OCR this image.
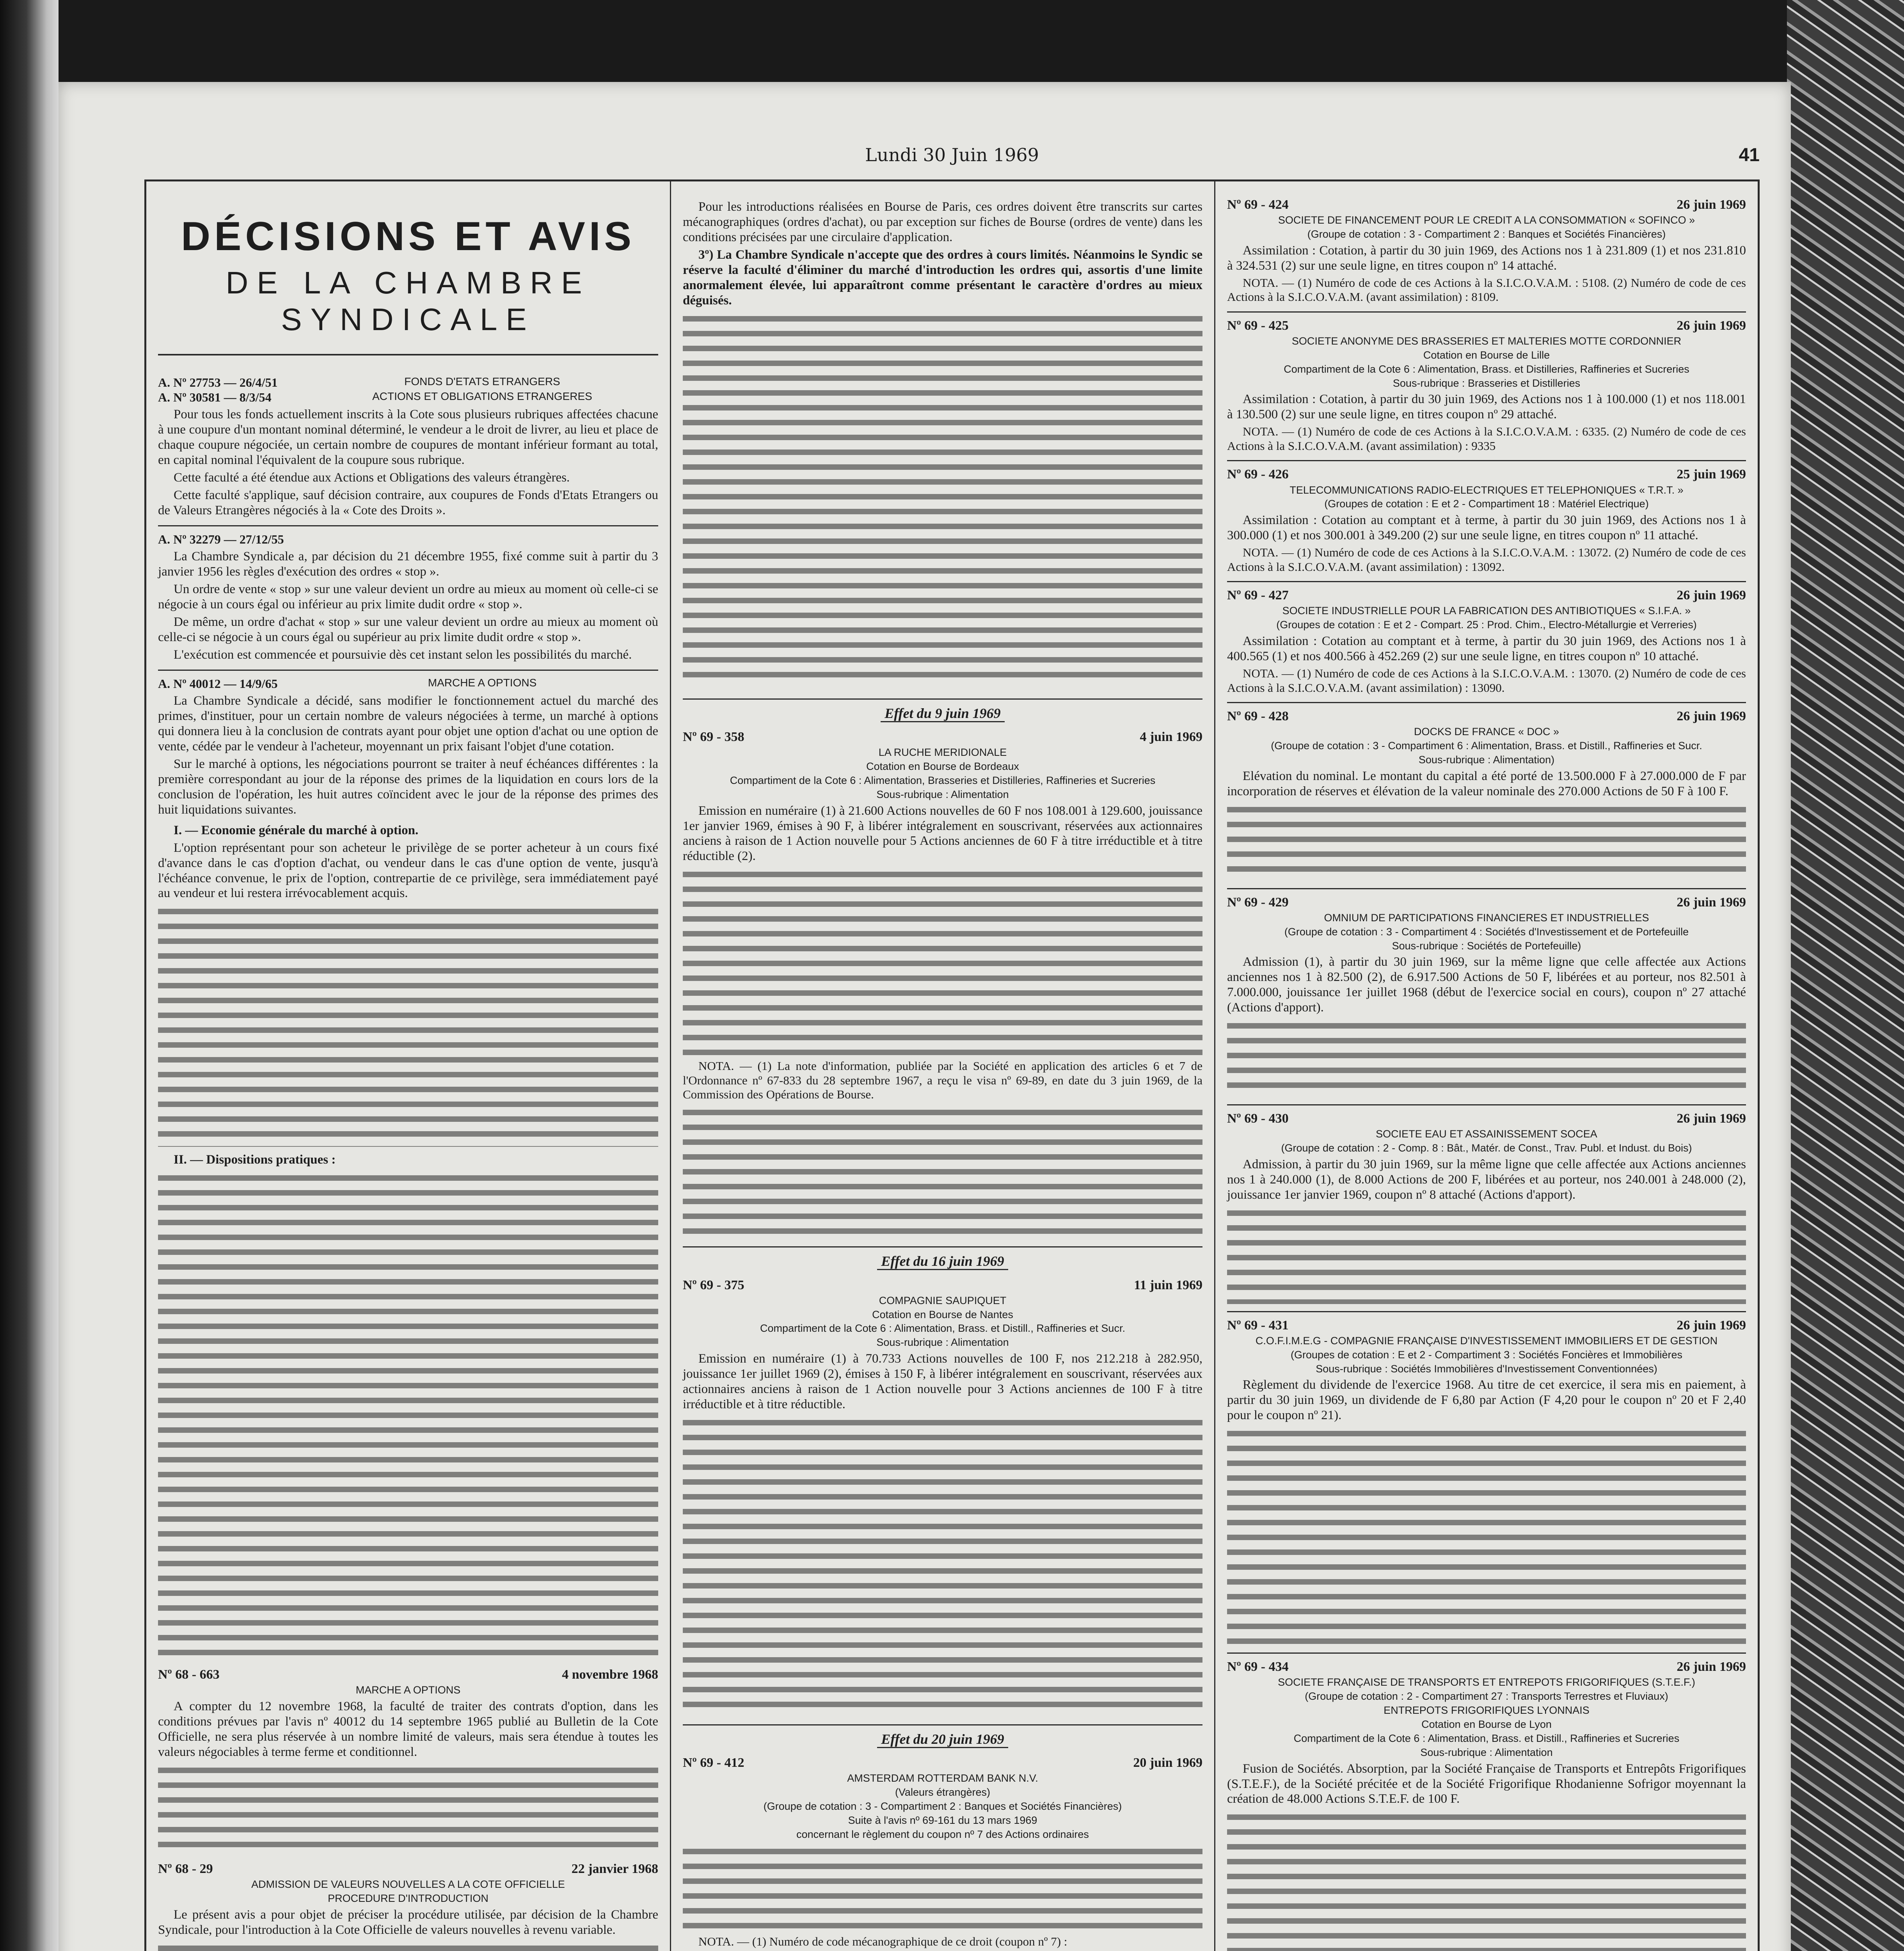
Lundi 30 Juin 1969	41
DÉCISIONS ET AVIS
DE LA CHAMBRE SYNDICALE
A. Nº 27753 — 26/4/51	FONDS D'ETATS ETRANGERS
A. Nº 30581 — 8/3/54	ACTIONS ET OBLIGATIONS ETRANGERES

Pour tous les fonds actuellement inscrits à la Cote sous plusieurs rubriques affectées chacune à une coupure d'un montant nominal déterminé, le vendeur a le droit de livrer, au lieu et place de chaque coupure négociée, un certain nombre de coupures de montant inférieur formant au total, en capital nominal l'équivalent de la coupure sous rubrique.

Cette faculté a été étendue aux Actions et Obligations des valeurs étrangères.

Cette faculté s'applique, sauf décision contraire, aux coupures de Fonds d'Etats Etrangers ou de Valeurs Etrangères négociés à la « Cote des Droits ».

A. Nº 32279 — 27/12/55

La Chambre Syndicale a, par décision du 21 décembre 1955, fixé comme suit à partir du 3 janvier 1956 les règles d'exécution des ordres « stop ».

Un ordre de vente « stop » sur une valeur devient un ordre au mieux au moment où celle-ci se négocie à un cours égal ou inférieur au prix limite dudit ordre « stop ».

De même, un ordre d'achat « stop » sur une valeur devient un ordre au mieux au moment où celle-ci se négocie à un cours égal ou supérieur au prix limite dudit ordre « stop ».

L'exécution est commencée et poursuivie dès cet instant selon les possibilités du marché.

A. Nº 40012 — 14/9/65	MARCHE A OPTIONS

La Chambre Syndicale a décidé, sans modifier le fonctionnement actuel du marché des primes, d'instituer, pour un certain nombre de valeurs négociées à terme, un marché à options qui donnera lieu à la conclusion de contrats ayant pour objet une option d'achat ou une option de vente, cédée par le vendeur à l'acheteur, moyennant un prix faisant l'objet d'une cotation.

Sur le marché à options, les négociations pourront se traiter à neuf échéances différentes : la première correspondant au jour de la réponse des primes de la liquidation en cours lors de la conclusion de l'opération, les huit autres coïncident avec le jour de la réponse des primes des huit liquidations suivantes.

I. — Economie générale du marché à option.

L'option représentant pour son acheteur le privilège de se porter acheteur à un cours fixé d'avance dans le cas d'option d'achat, ou vendeur dans le cas d'une option de vente, jusqu'à l'échéance convenue, le prix de l'option, contrepartie de ce privilège, sera immédiatement payé au vendeur et lui restera irrévocablement acquis.

II. — Dispositions pratiques :
Nº 68 - 663	4 novembre 1968
MARCHE A OPTIONS

A compter du 12 novembre 1968, la faculté de traiter des contrats d'option, dans les conditions prévues par l'avis nº 40012 du 14 septembre 1965 publié au Bulletin de la Cote Officielle, ne sera plus réservée à un nombre limité de valeurs, mais sera étendue à toutes les valeurs négociables à terme ferme et conditionnel.

Nº 68 - 29	22 janvier 1968
ADMISSION DE VALEURS NOUVELLES A LA COTE OFFICIELLE
PROCEDURE D'INTRODUCTION

Le présent avis a pour objet de préciser la procédure utilisée, par décision de la Chambre Syndicale, pour l'introduction à la Cote Officielle de valeurs nouvelles à revenu variable.

Pour les introductions réalisées en Bourse de Paris, ces ordres doivent être transcrits sur cartes mécanographiques (ordres d'achat), ou par exception sur fiches de Bourse (ordres de vente) dans les conditions précisées par une circulaire d'application.

3º) La Chambre Syndicale n'accepte que des ordres à cours limités. Néanmoins le Syndic se réserve la faculté d'éliminer du marché d'introduction les ordres qui, assortis d'une limite anormalement élevée, lui apparaîtront comme présentant le caractère d'ordres au mieux déguisés.

Effet du 9 juin 1969
Nº 69 - 358	4 juin 1969
LA RUCHE MERIDIONALE
Cotation en Bourse de Bordeaux
Compartiment de la Cote 6 : Alimentation, Brasseries et Distilleries, Raffineries et Sucreries
Sous-rubrique : Alimentation

Emission en numéraire (1) à 21.600 Actions nouvelles de 60 F nos 108.001 à 129.600, jouissance 1er janvier 1969, émises à 90 F, à libérer intégralement en souscrivant, réservées aux actionnaires anciens à raison de 1 Action nouvelle pour 5 Actions anciennes de 60 F à titre irréductible et à titre réductible (2).

NOTA. — (1) La note d'information, publiée par la Société en application des articles 6 et 7 de l'Ordonnance nº 67-833 du 28 septembre 1967, a reçu le visa nº 69-89, en date du 3 juin 1969, de la Commission des Opérations de Bourse.

Effet du 16 juin 1969
Nº 69 - 375	11 juin 1969
COMPAGNIE SAUPIQUET
Cotation en Bourse de Nantes
Compartiment de la Cote 6 : Alimentation, Brass. et Distill., Raffineries et Sucr.
Sous-rubrique : Alimentation

Emission en numéraire (1) à 70.733 Actions nouvelles de 100 F, nos 212.218 à 282.950, jouissance 1er juillet 1969 (2), émises à 150 F, à libérer intégralement en souscrivant, réservées aux actionnaires anciens à raison de 1 Action nouvelle pour 3 Actions anciennes de 100 F à titre irréductible et à titre réductible.

Effet du 20 juin 1969
Nº 69 - 412	20 juin 1969
AMSTERDAM ROTTERDAM BANK N.V.
(Valeurs étrangères)
(Groupe de cotation : 3 - Compartiment 2 : Banques et Sociétés Financières)
Suite à l'avis nº 69-161 du 13 mars 1969
concernant le règlement du coupon nº 7 des Actions ordinaires

NOTA. — (1) Numéro de code mécanographique de ce droit (coupon nº 7) :

Nº 69 - 424	26 juin 1969
SOCIETE DE FINANCEMENT POUR LE CREDIT A LA CONSOMMATION « SOFINCO »
(Groupe de cotation : 3 - Compartiment 2 : Banques et Sociétés Financières)

Assimilation : Cotation, à partir du 30 juin 1969, des Actions nos 1 à 231.809 (1) et nos 231.810 à 324.531 (2) sur une seule ligne, en titres coupon nº 14 attaché.

NOTA. — (1) Numéro de code de ces Actions à la S.I.C.O.V.A.M. : 5108. (2) Numéro de code de ces Actions à la S.I.C.O.V.A.M. (avant assimilation) : 8109.

Nº 69 - 425	26 juin 1969
SOCIETE ANONYME DES BRASSERIES ET MALTERIES MOTTE CORDONNIER
Cotation en Bourse de Lille
Compartiment de la Cote 6 : Alimentation, Brass. et Distilleries, Raffineries et Sucreries
Sous-rubrique : Brasseries et Distilleries

Assimilation : Cotation, à partir du 30 juin 1969, des Actions nos 1 à 100.000 (1) et nos 118.001 à 130.500 (2) sur une seule ligne, en titres coupon nº 29 attaché.

NOTA. — (1) Numéro de code de ces Actions à la S.I.C.O.V.A.M. : 6335. (2) Numéro de code de ces Actions à la S.I.C.O.V.A.M. (avant assimilation) : 9335

Nº 69 - 426	25 juin 1969
TELECOMMUNICATIONS RADIO-ELECTRIQUES ET TELEPHONIQUES « T.R.T. »
(Groupes de cotation : E et 2 - Compartiment 18 : Matériel Electrique)

Assimilation : Cotation au comptant et à terme, à partir du 30 juin 1969, des Actions nos 1 à 300.000 (1) et nos 300.001 à 349.200 (2) sur une seule ligne, en titres coupon nº 11 attaché.

NOTA. — (1) Numéro de code de ces Actions à la S.I.C.O.V.A.M. : 13072. (2) Numéro de code de ces Actions à la S.I.C.O.V.A.M. (avant assimilation) : 13092.

Nº 69 - 427	26 juin 1969
SOCIETE INDUSTRIELLE POUR LA FABRICATION DES ANTIBIOTIQUES « S.I.F.A. »
(Groupes de cotation : E et 2 - Compart. 25 : Prod. Chim., Electro-Métallurgie et Verreries)

Assimilation : Cotation au comptant et à terme, à partir du 30 juin 1969, des Actions nos 1 à 400.565 (1) et nos 400.566 à 452.269 (2) sur une seule ligne, en titres coupon nº 10 attaché.

NOTA. — (1) Numéro de code de ces Actions à la S.I.C.O.V.A.M. : 13070. (2) Numéro de code de ces Actions à la S.I.C.O.V.A.M. (avant assimilation) : 13090.

Nº 69 - 428	26 juin 1969
DOCKS DE FRANCE « DOC »
(Groupe de cotation : 3 - Compartiment 6 : Alimentation, Brass. et Distill., Raffineries et Sucr.
Sous-rubrique : Alimentation)

Elévation du nominal. Le montant du capital a été porté de 13.500.000 F à 27.000.000 de F par incorporation de réserves et élévation de la valeur nominale des 270.000 Actions de 50 F à 100 F.

Nº 69 - 429	26 juin 1969
OMNIUM DE PARTICIPATIONS FINANCIERES ET INDUSTRIELLES
(Groupe de cotation : 3 - Compartiment 4 : Sociétés d'Investissement et de Portefeuille
Sous-rubrique : Sociétés de Portefeuille)

Admission (1), à partir du 30 juin 1969, sur la même ligne que celle affectée aux Actions anciennes nos 1 à 82.500 (2), de 6.917.500 Actions de 50 F, libérées et au porteur, nos 82.501 à 7.000.000, jouissance 1er juillet 1968 (début de l'exercice social en cours), coupon nº 27 attaché (Actions d'apport).

Nº 69 - 430	26 juin 1969
SOCIETE EAU ET ASSAINISSEMENT SOCEA
(Groupe de cotation : 2 - Comp. 8 : Bât., Matér. de Const., Trav. Publ. et Indust. du Bois)

Admission, à partir du 30 juin 1969, sur la même ligne que celle affectée aux Actions anciennes nos 1 à 240.000 (1), de 8.000 Actions de 200 F, libérées et au porteur, nos 240.001 à 248.000 (2), jouissance 1er janvier 1969, coupon nº 8 attaché (Actions d'apport).

Nº 69 - 431	26 juin 1969
C.O.F.I.M.E.G - COMPAGNIE FRANÇAISE D'INVESTISSEMENT IMMOBILIERS ET DE GESTION
(Groupes de cotation : E et 2 - Compartiment 3 : Sociétés Foncières et Immobilières
Sous-rubrique : Sociétés Immobilières d'Investissement Conventionnées)

Règlement du dividende de l'exercice 1968. Au titre de cet exercice, il sera mis en paiement, à partir du 30 juin 1969, un dividende de F 6,80 par Action (F 4,20 pour le coupon nº 20 et F 2,40 pour le coupon nº 21).

Nº 69 - 434	26 juin 1969
SOCIETE FRANÇAISE DE TRANSPORTS ET ENTREPOTS FRIGORIFIQUES (S.T.E.F.)
(Groupe de cotation : 2 - Compartiment 27 : Transports Terrestres et Fluviaux)
ENTREPOTS FRIGORIFIQUES LYONNAIS
Cotation en Bourse de Lyon
Compartiment de la Cote 6 : Alimentation, Brass. et Distill., Raffineries et Sucreries
Sous-rubrique : Alimentation

Fusion de Sociétés. Absorption, par la Société Française de Transports et Entrepôts Frigorifiques (S.T.E.F.), de la Société précitée et de la Société Frigorifique Rhodanienne Sofrigor moyennant la création de 48.000 Actions S.T.E.F. de 100 F.
